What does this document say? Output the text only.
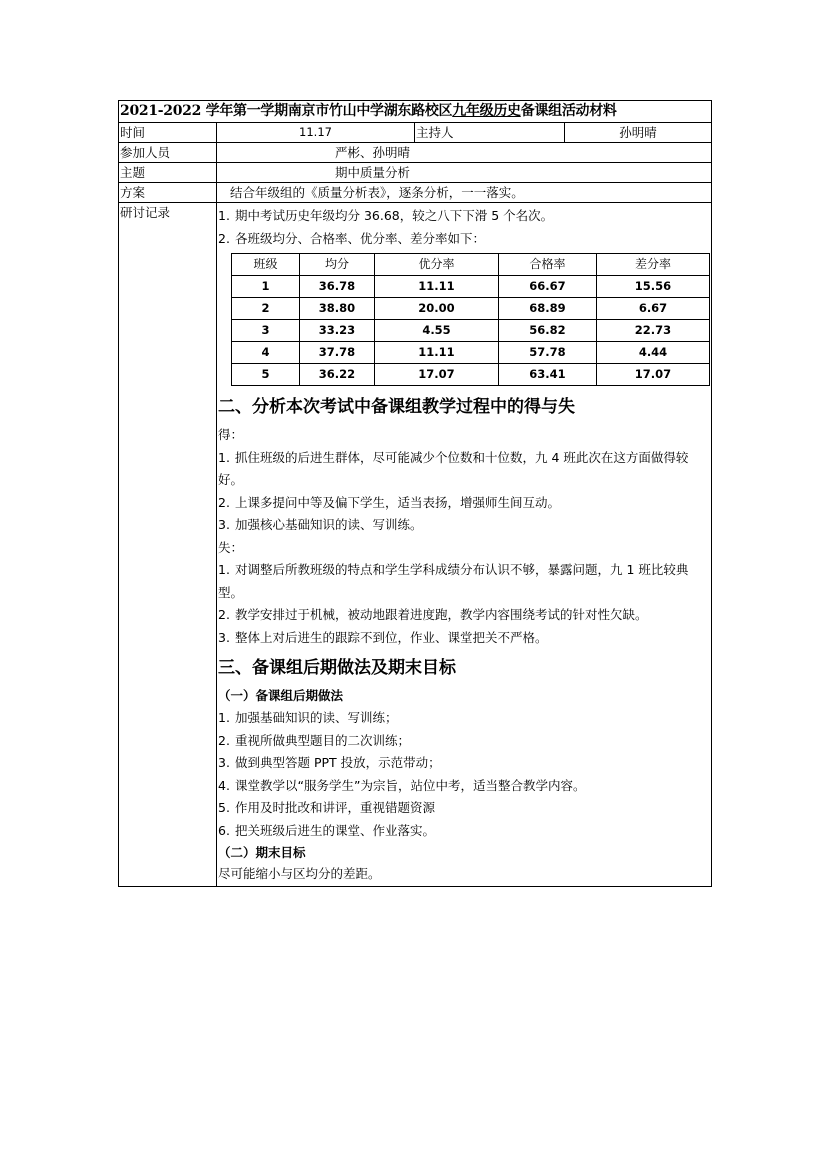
2021-2022 学年第一学期南京市竹山中学湖东路校区九年级历史备课组活动材料
时间	11.17	主持人	孙明晴
参加人员	严彬、孙明晴
主题	期中质量分析
方案	结合年级组的《质量分析表》，逐条分析，一一落实。
研讨记录	1. 期中考试历史年级均分 36.68，较之八下下滑 5 个名次。
2. 各班级均分、合格率、优分率、差分率如下：
班级	均分	优分率	合格率	差分率
1	36.78	11.11	66.67	15.56
2	38.80	20.00	68.89	6.67
3	33.23	4.55	56.82	22.73
4	37.78	11.11	57.78	4.44
5	36.22	17.07	63.41	17.07
二、分析本次考试中备课组教学过程中的得与失
得：
1. 抓住班级的后进生群体，尽可能减少个位数和十位数，九 4 班此次在这方面做得较好。
2. 上课多提问中等及偏下学生，适当表扬，增强师生间互动。
3. 加强核心基础知识的读、写训练。
失：
1. 对调整后所教班级的特点和学生学科成绩分布认识不够，暴露问题，九 1 班比较典型。
2. 教学安排过于机械，被动地跟着进度跑，教学内容围绕考试的针对性欠缺。
3. 整体上对后进生的跟踪不到位，作业、课堂把关不严格。
三、备课组后期做法及期末目标
（一）备课组后期做法
1. 加强基础知识的读、写训练；
2. 重视所做典型题目的二次训练；
3. 做到典型答题 PPT 投放，示范带动；
4. 课堂教学以“服务学生”为宗旨，站位中考，适当整合教学内容。
5. 作用及时批改和讲评，重视错题资源
6. 把关班级后进生的课堂、作业落实。
（二）期末目标
尽可能缩小与区均分的差距。
